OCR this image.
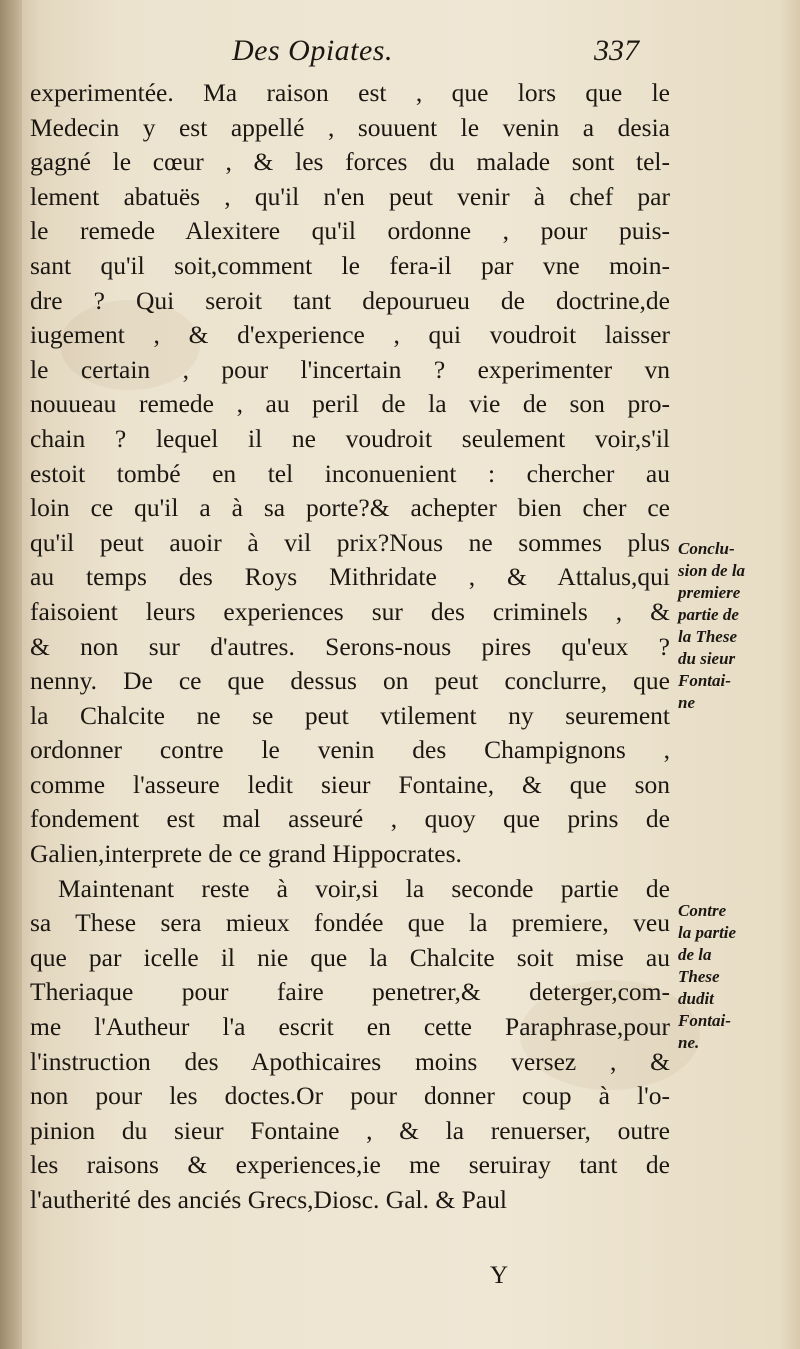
Des Opiates.	337
experimentée. Ma raison est , que lors que le
Medecin y est appellé , souuent le venin a desia
gagné le cœur , & les forces du malade sont tel-
lement abatuës , qu'il n'en peut venir à chef par
le remede Alexitere qu'il ordonne , pour puis-
sant qu'il soit,comment le fera-il par vne moin-
dre ? Qui seroit tant depourueu de doctrine,de
iugement , & d'experience , qui voudroit laisser
le certain , pour l'incertain ? experimenter vn
nouueau remede , au peril de la vie de son pro-
chain ? lequel il ne voudroit seulement voir,s'il
estoit tombé en tel inconuenient : chercher au
loin ce qu'il a à sa porte?& achepter bien cher ce
qu'il peut auoir à vil prix?Nous ne sommes plus
au temps des Roys Mithridate , & Attalus,qui
faisoient leurs experiences sur des criminels , &
& non sur d'autres. Serons-nous pires qu'eux ?
nenny. De ce que dessus on peut conclurre, que
la Chalcite ne se peut vtilement ny seurement
ordonner contre le venin des Champignons ,
comme l'asseure ledit sieur Fontaine, & que son
fondement est mal asseuré , quoy que prins de
Galien,interprete de ce grand Hippocrates.
Maintenant reste à voir,si la seconde partie de
sa These sera mieux fondée que la premiere, veu
que par icelle il nie que la Chalcite soit mise au
Theriaque pour faire penetrer,& deterger,com-
me l'Autheur l'a escrit en cette Paraphrase,pour
l'instruction des Apothicaires moins versez , &
non pour les doctes.Or pour donner coup à l'o-
pinion du sieur Fontaine , & la renuerser, outre
les raisons & experiences,ie me seruiray tant de
l'autherité des anciés Grecs,Diosc. Gal. & Paul
Conclu-
sion de la
premiere
partie de
la These
du sieur
Fontai-
ne
Contre
la partie
de la
These
dudit
Fontai-
ne.
Y
